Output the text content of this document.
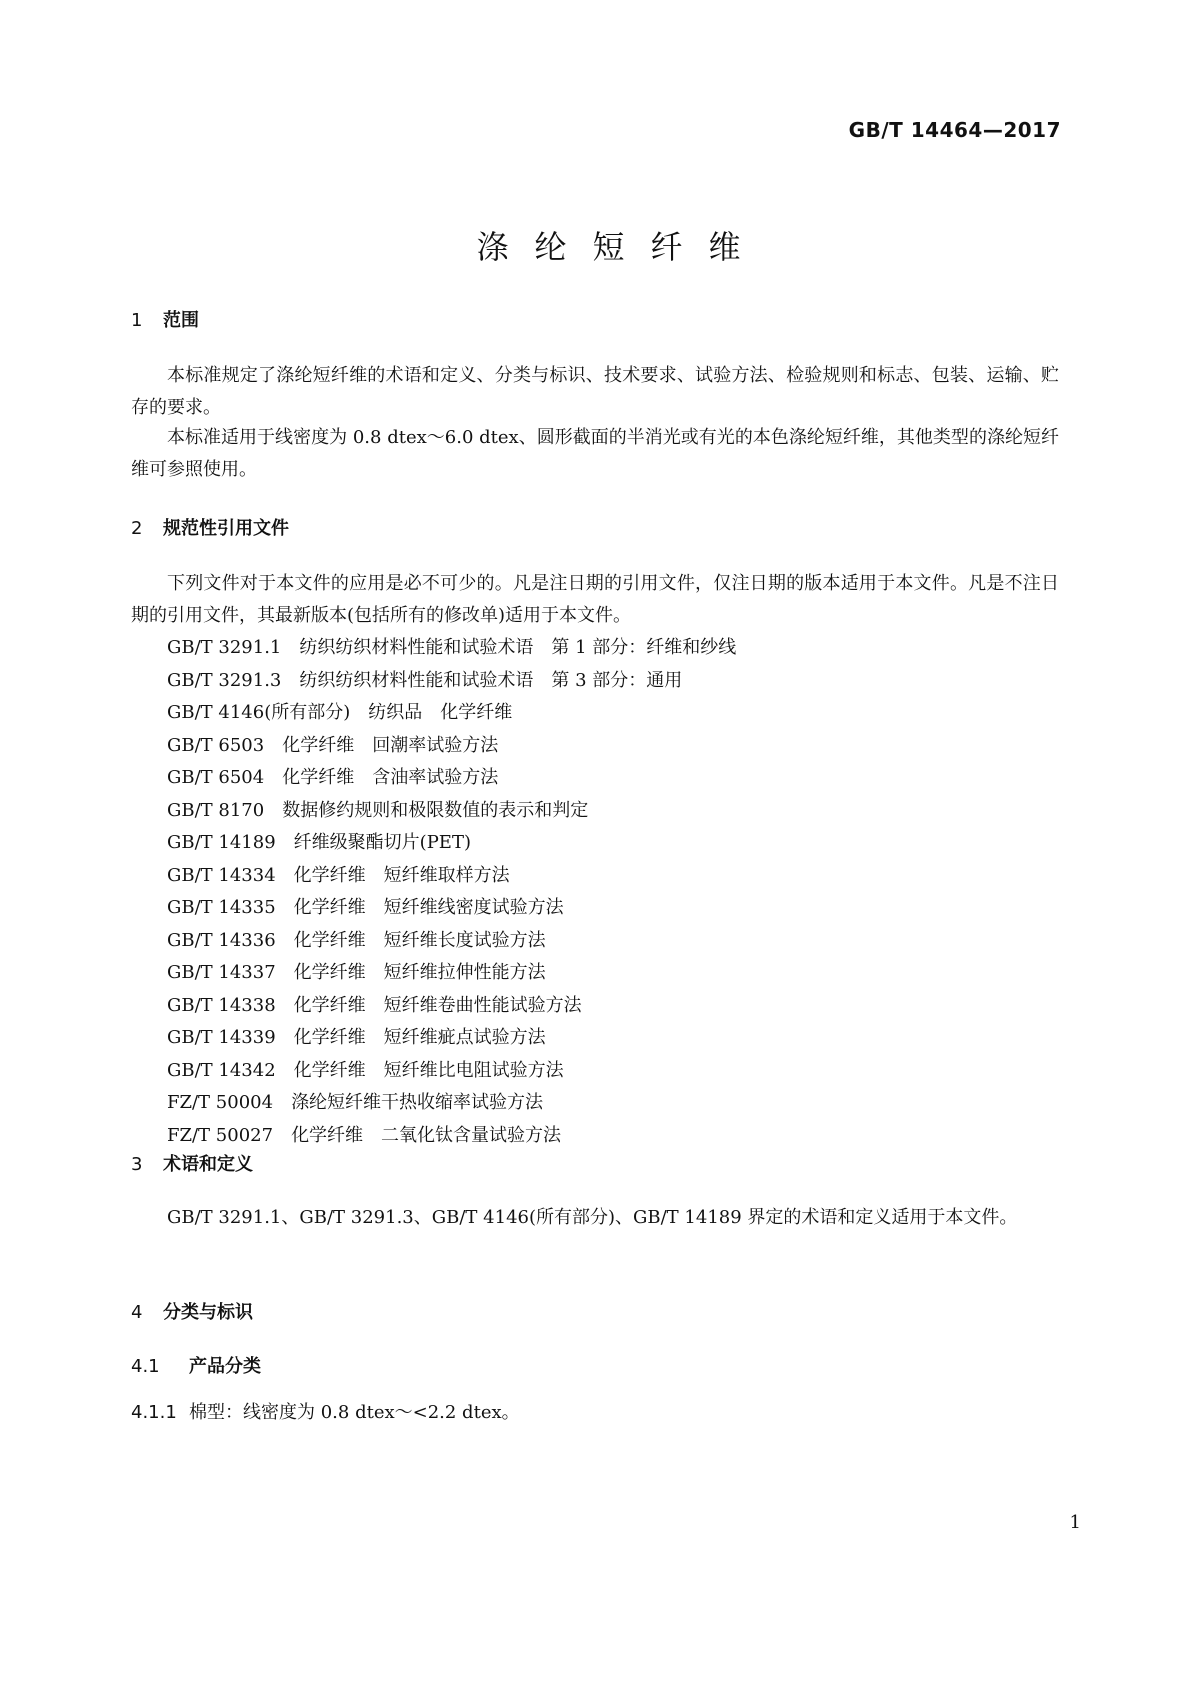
GB/T 14464—2017
涤纶短纤维
1 范围

本标准规定了涤纶短纤维的术语和定义、分类与标识、技术要求、试验方法、检验规则和标志、包装、运输、贮存的要求。

本标准适用于线密度为 0.8 dtex～6.0 dtex、圆形截面的半消光或有光的本色涤纶短纤维，其他类型的涤纶短纤维可参照使用。

2 规范性引用文件

下列文件对于本文件的应用是必不可少的。凡是注日期的引用文件，仅注日期的版本适用于本文件。凡是不注日期的引用文件，其最新版本(包括所有的修改单)适用于本文件。

GB/T 3291.1 纺织纺织材料性能和试验术语　第 1 部分：纤维和纱线
GB/T 3291.3 纺织纺织材料性能和试验术语　第 3 部分：通用
GB/T 4146(所有部分) 纺织品　化学纤维
GB/T 6503 化学纤维　回潮率试验方法
GB/T 6504 化学纤维　含油率试验方法
GB/T 8170 数据修约规则和极限数值的表示和判定
GB/T 14189 纤维级聚酯切片(PET)
GB/T 14334 化学纤维　短纤维取样方法
GB/T 14335 化学纤维　短纤维线密度试验方法
GB/T 14336 化学纤维　短纤维长度试验方法
GB/T 14337 化学纤维　短纤维拉伸性能方法
GB/T 14338 化学纤维　短纤维卷曲性能试验方法
GB/T 14339 化学纤维　短纤维疵点试验方法
GB/T 14342 化学纤维　短纤维比电阻试验方法
FZ/T 50004 涤纶短纤维干热收缩率试验方法
FZ/T 50027 化学纤维　二氧化钛含量试验方法
3 术语和定义

GB/T 3291.1、GB/T 3291.3、GB/T 4146(所有部分)、GB/T 14189 界定的术语和定义适用于本文件。

4 分类与标识
4.1 产品分类
4.1.1 棉型：线密度为 0.8 dtex～<2.2 dtex。
1
